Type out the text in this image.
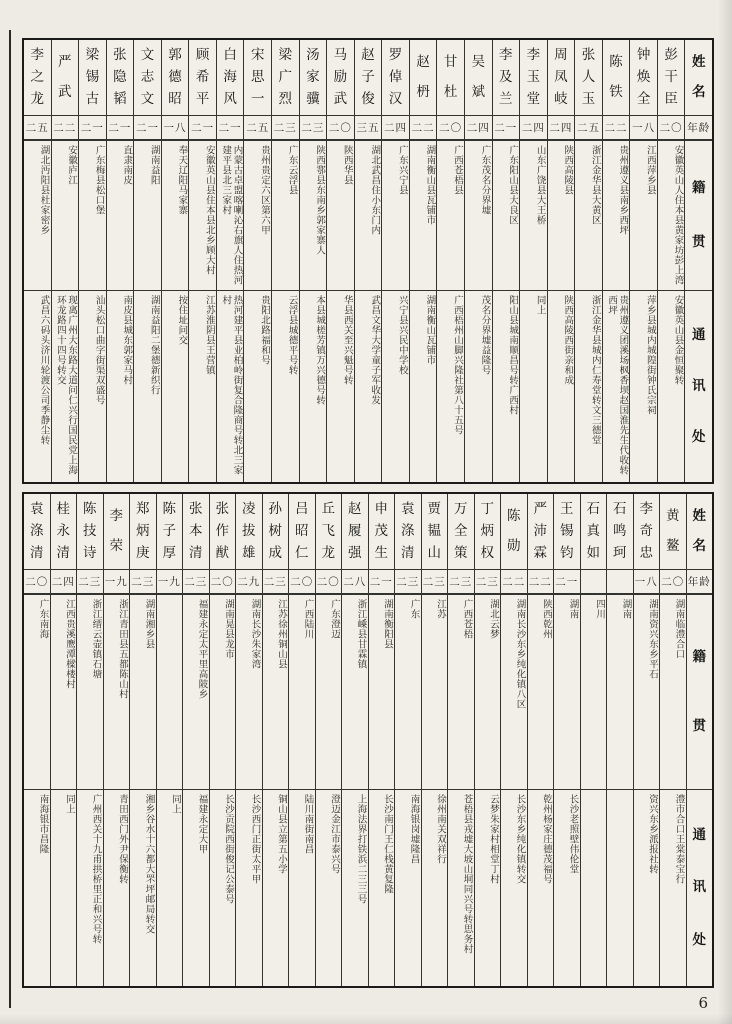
姓
名
年龄
籍
贯
通
讯
处
彭
干
臣
二〇
安徽英山人住本县黄家坊彭上湾
安徽英山县金恒聚转
钟
焕
全
一八
江西萍乡县
萍乡县城内城隍街钟氏宗祠
陈
铁
二二
贵州遵义县南乡西坪
贵州遵义团溪场枫香坝赵国淮先生代收转西坪
张
人
玉
二五
浙江金华县大黄区
浙江金华县城内仁寿堂转文三德堂
周
凤
岐
二四
陕西高陵县
陕西高陵西街亲和成
李
玉
堂
二四
山东广饶县大王桥
同上
李
及
兰
二一
广东阳山县大良区
阳山县城南顺昌号转广西村
吴
斌
二四
广东茂名分界墟
茂名分界墟益隆号
甘
杜
二〇
广西苍梧县
广西梧州山脚兴隆社第八十五号
赵
枬
二二
湖南衡山县瓦铺市
湖南衡山瓦铺市
罗
倬
汉
二四
广东兴宁县
兴宁县兴民中学校
赵
子
俊
三五
湖北武昌住小东门内
武昌文华大学童子军收发
马
励
武
二〇
陕西华县
华县西关至兴魁号转
汤
家
骥
二三
陕西鄠县东南乡郭家寨人
本县城槎芳镇万兴德号转
梁
广
烈
二三
广东云浮县
云浮县城德平号转
宋
思
一
二五
贵州贵定六区第六甲
贵阳北路福和号
白
海
风
二一
内蒙古卓盟喀喇沁右旗人住热河建平县北三家村
热河建平县业柏岭街复合隆商号转北三家村
顾
希
平
二一
安徽英山县住本县北乡顾大村
江苏淮阴县王营镇
郭
德
昭
一八
奉天辽阳马家寨
按住址问交
文
志
文
二一
湖南益阳
湖南益阳二堡德新织行
张
隐
韬
二一
直隶南皮
南皮县城东郭家马村
梁
锡
古
二一
广东梅县松口堡
汕头松口曲字街渠双盛号
严
武
二二
安徽庐江
现离广州大东路大道问仁兴行国民党上海环龙路四十四号转交
李
之
龙
二五
湖北沔阳县杜家密乡
武昌六码头济川轮渡公司季静尘转
姓
名
年龄
籍
贯
通
讯
处
黄
鳌
二〇
湖南临澧合口
澧市合口王棠泰宝行
李
奇
忠
一八
湖南资兴东乡平石
资兴东乡派报社转
石
鸣
珂
湖南
石
真
如
四川
王
锡
钧
二一
湖南
长沙老照壁伟伦堂
严
沛
霖
二二
陕西乾州
乾州杨家庄德茂福号
陈
勋
二二
湖南长沙东乡纯化镇八区
长沙东乡纯化镇转交
丁
炳
权
二三
湖北云梦
云梦朱家村相堂丁村
万
全
策
二三
广西苍梧
苍梧县戎墟大坡山垌同兴号转思务村
贾
韫
山
二三
江苏
徐州南关双祥行
袁
涤
清
二三
广东
南海银岗墟隆昌
申
茂
生
二一
湖南衡阳县
长沙南门王仁栈黄复隆
赵
履
强
二八
浙江嵊县甘霖镇
上海法界打铁浜二三三号
丘
飞
龙
二〇
广东澄迈
澄迈金江市泰兴号
吕
昭
仁
二〇
广西陆川
陆川南街南昌
孙
树
成
二三
江苏徐州铜山县
铜山县立第五小学
凌
拔
雄
二九
湖南长沙朱家湾
长沙西门正街太平甲
张
作
猷
二〇
湖南晃县龙市
长沙贡院西街俊记公泰号
张
本
清
二三
福建永定太平里高陂乡
福建永定大甲
陈
子
厚
一九
同上
郑
炳
庚
二三
湖南湘乡县
湘乡谷水十六都大罘坪邮局转交
李
荣
一九
浙江青田县五都陈山村
青田西门外尹保衡转
陈
技
诗
二三
浙江缙云壶镇石塘
广州西关十九甫拱桥里正和兴号转
桂
永
清
二四
江西贵溪鹰潭樑楼村
同上
袁
涤
清
二〇
广东南海
南海银市昌隆
6
